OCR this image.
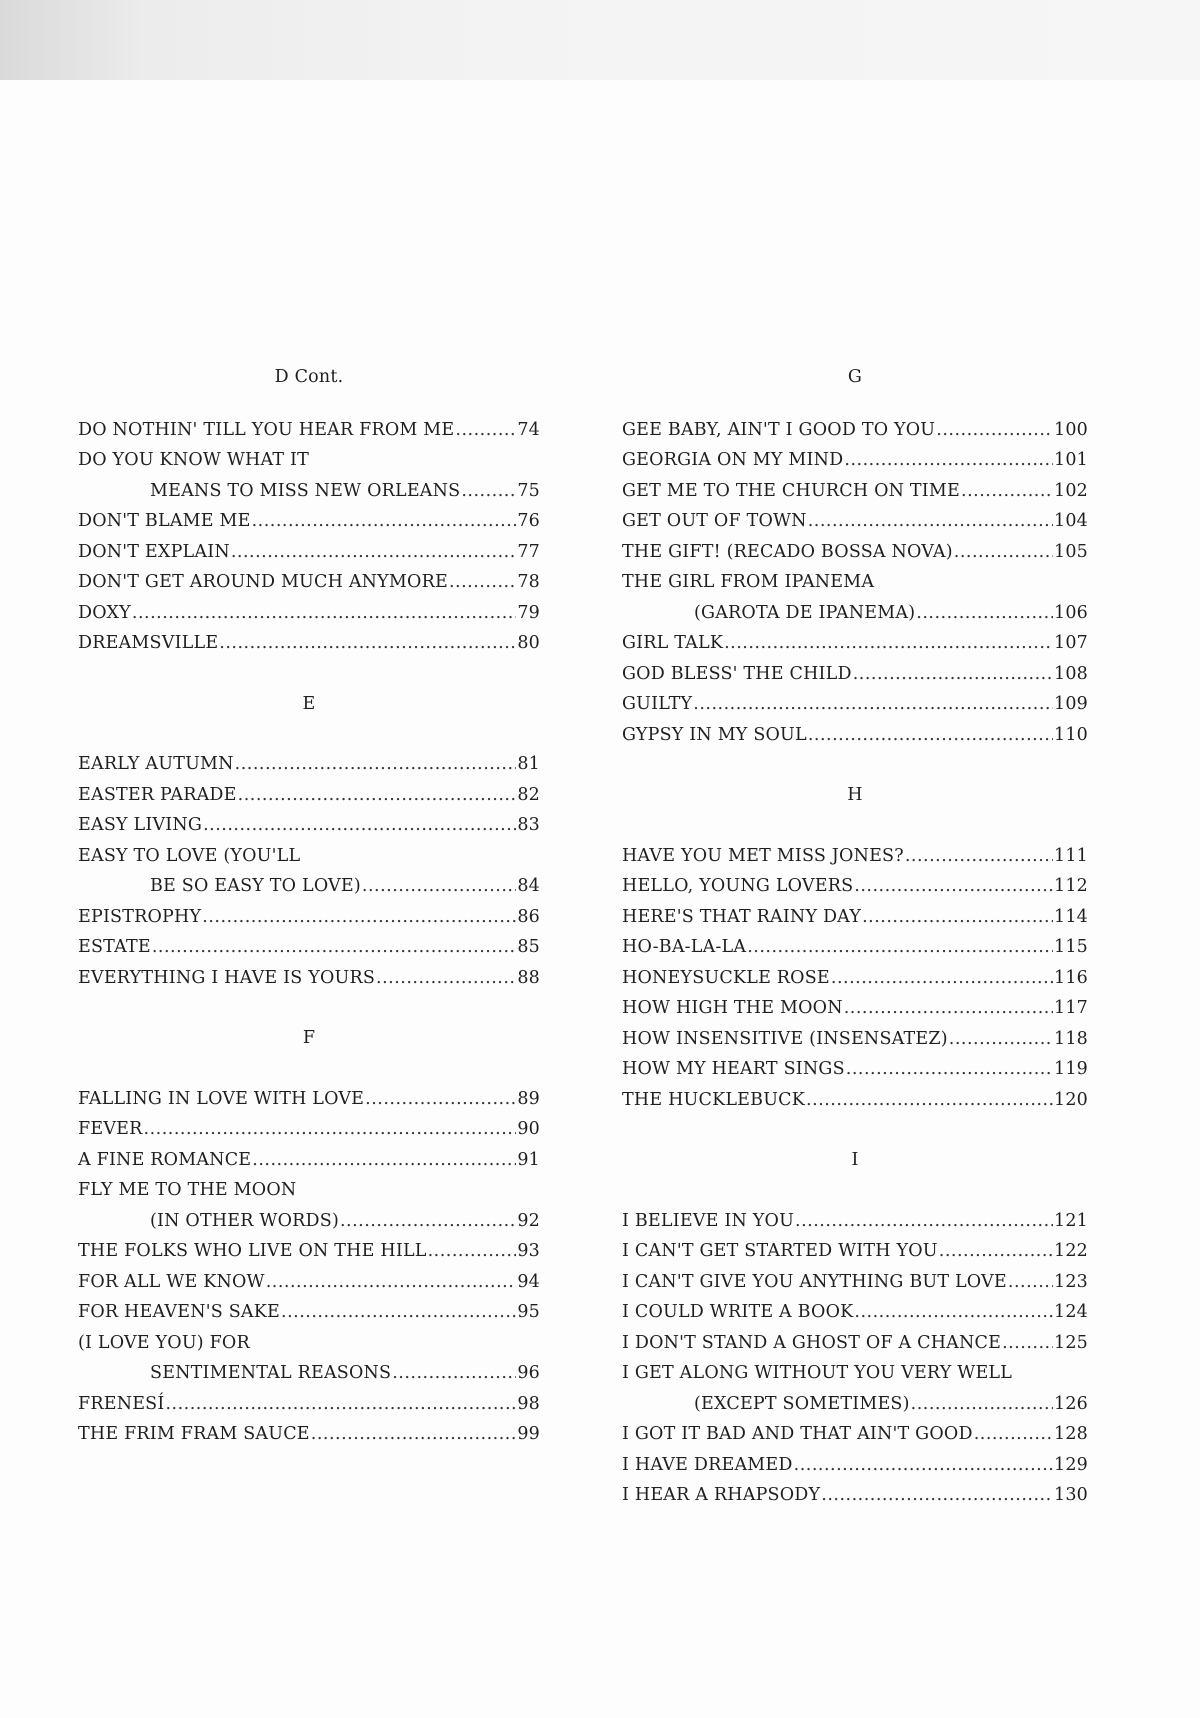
D Cont.
DO NOTHIN' TILL YOU HEAR FROM ME .....	74
DO YOU KNOW WHAT IT
MEANS TO MISS NEW ORLEANS .....	75
DON'T BLAME ME .....	76
DON'T EXPLAIN .....	77
DON'T GET AROUND MUCH ANYMORE .....	78
DOXY .....	79
DREAMSVILLE .....	80
E
EARLY AUTUMN .....	81
EASTER PARADE .....	82
EASY LIVING .....	83
EASY TO LOVE (YOU'LL
BE SO EASY TO LOVE) .....	84
EPISTROPHY .....	86
ESTATE .....	85
EVERYTHING I HAVE IS YOURS .....	88
F
FALLING IN LOVE WITH LOVE .....	89
FEVER .....	90
A FINE ROMANCE .....	91
FLY ME TO THE MOON
(IN OTHER WORDS) .....	92
THE FOLKS WHO LIVE ON THE HILL .....	93
FOR ALL WE KNOW .....	94
FOR HEAVEN'S SAKE .....	95
(I LOVE YOU) FOR
SENTIMENTAL REASONS .....	96
FRENESÍ .....	98
THE FRIM FRAM SAUCE .....	99
G
GEE BABY, AIN'T I GOOD TO YOU .....	100
GEORGIA ON MY MIND .....	101
GET ME TO THE CHURCH ON TIME .....	102
GET OUT OF TOWN .....	104
THE GIFT! (RECADO BOSSA NOVA) .....	105
THE GIRL FROM IPANEMA
(GAROTA DE IPANEMA) .....	106
GIRL TALK .....	107
GOD BLESS' THE CHILD .....	108
GUILTY .....	109
GYPSY IN MY SOUL .....	110
H
HAVE YOU MET MISS JONES? .....	111
HELLO, YOUNG LOVERS .....	112
HERE'S THAT RAINY DAY .....	114
HO-BA-LA-LA .....	115
HONEYSUCKLE ROSE .....	116
HOW HIGH THE MOON .....	117
HOW INSENSITIVE (INSENSATEZ) .....	118
HOW MY HEART SINGS .....	119
THE HUCKLEBUCK .....	120
I
I BELIEVE IN YOU .....	121
I CAN'T GET STARTED WITH YOU .....	122
I CAN'T GIVE YOU ANYTHING BUT LOVE .....	123
I COULD WRITE A BOOK .....	124
I DON'T STAND A GHOST OF A CHANCE .....	125
I GET ALONG WITHOUT YOU VERY WELL
(EXCEPT SOMETIMES) .....	126
I GOT IT BAD AND THAT AIN'T GOOD .....	128
I HAVE DREAMED .....	129
I HEAR A RHAPSODY .....	130
